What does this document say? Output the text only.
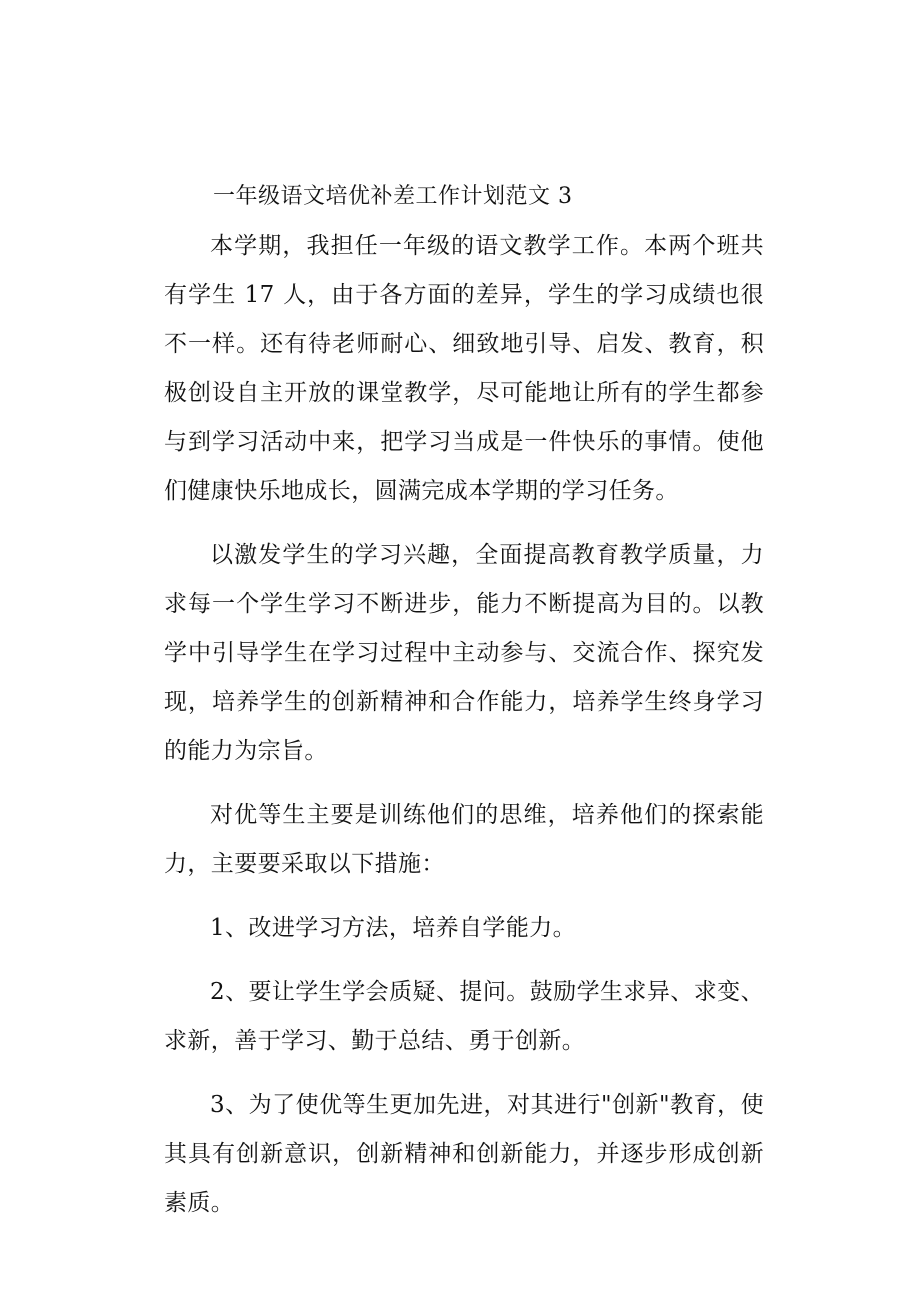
一年级语文培优补差工作计划范文 3

本学期，我担任一年级的语文教学工作。本两个班共有学生 17 人，由于各方面的差异，学生的学习成绩也很不一样。还有待老师耐心、细致地引导、启发、教育，积极创设自主开放的课堂教学，尽可能地让所有的学生都参与到学习活动中来，把学习当成是一件快乐的事情。使他们健康快乐地成长，圆满完成本学期的学习任务。

以激发学生的学习兴趣，全面提高教育教学质量，力求每一个学生学习不断进步，能力不断提高为目的。以教学中引导学生在学习过程中主动参与、交流合作、探究发现，培养学生的创新精神和合作能力，培养学生终身学习的能力为宗旨。

对优等生主要是训练他们的思维，培养他们的探索能力，主要要采取以下措施：

1、改进学习方法，培养自学能力。

2、要让学生学会质疑、提问。鼓励学生求异、求变、求新，善于学习、勤于总结、勇于创新。

3、为了使优等生更加先进，对其进行"创新"教育，使其具有创新意识，创新精神和创新能力，并逐步形成创新素质。
